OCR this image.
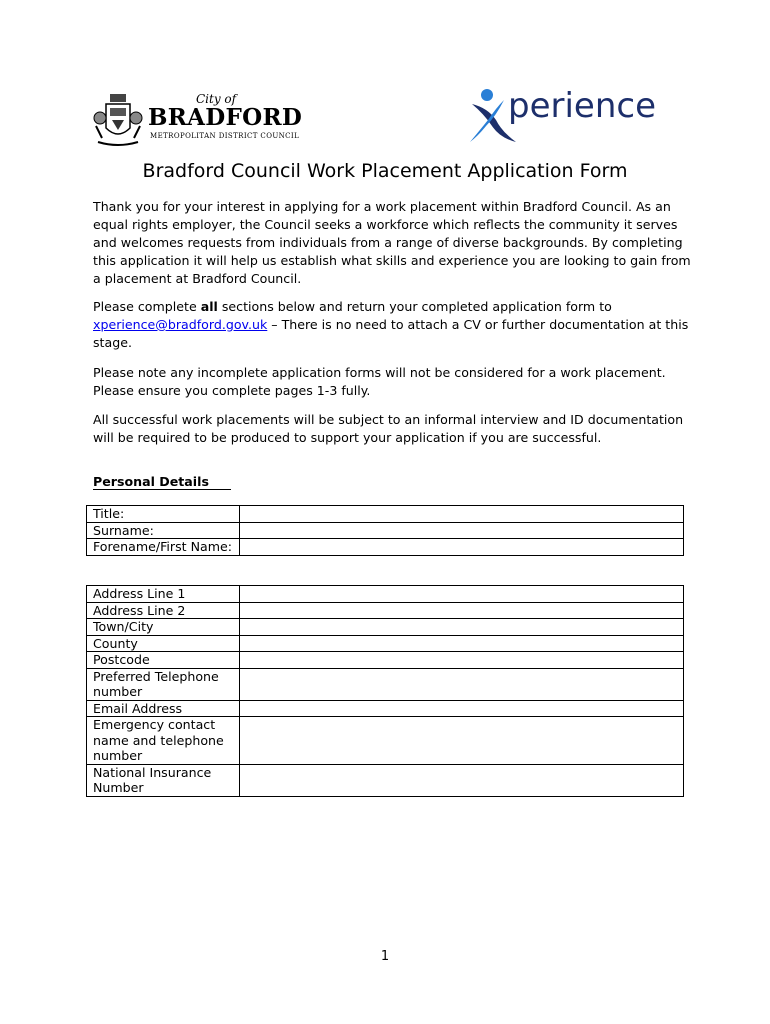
City of
BRADFORD
METROPOLITAN DISTRICT COUNCIL
perience
Bradford Council Work Placement Application Form
Thank you for your interest in applying for a work placement within Bradford Council. As an equal rights employer, the Council seeks a workforce which reflects the community it serves and welcomes requests from individuals from a range of diverse backgrounds. By completing this application it will help us establish what skills and experience you are looking to gain from a placement at Bradford Council.
Please complete all sections below and return your completed application form to xperience@bradford.gov.uk – There is no need to attach a CV or further documentation at this stage.
Please note any incomplete application forms will not be considered for a work placement. Please ensure you complete pages 1-3 fully.
All successful work placements will be subject to an informal interview and ID documentation will be required to be produced to support your application if you are successful.
Personal Details
Title:	
Surname:	
Forename/First Name:	
Address Line 1	
Address Line 2	
Town/City	
County	
Postcode	
Preferred Telephone number	
Email Address	
Emergency contact name and telephone number	
National Insurance Number	
1
